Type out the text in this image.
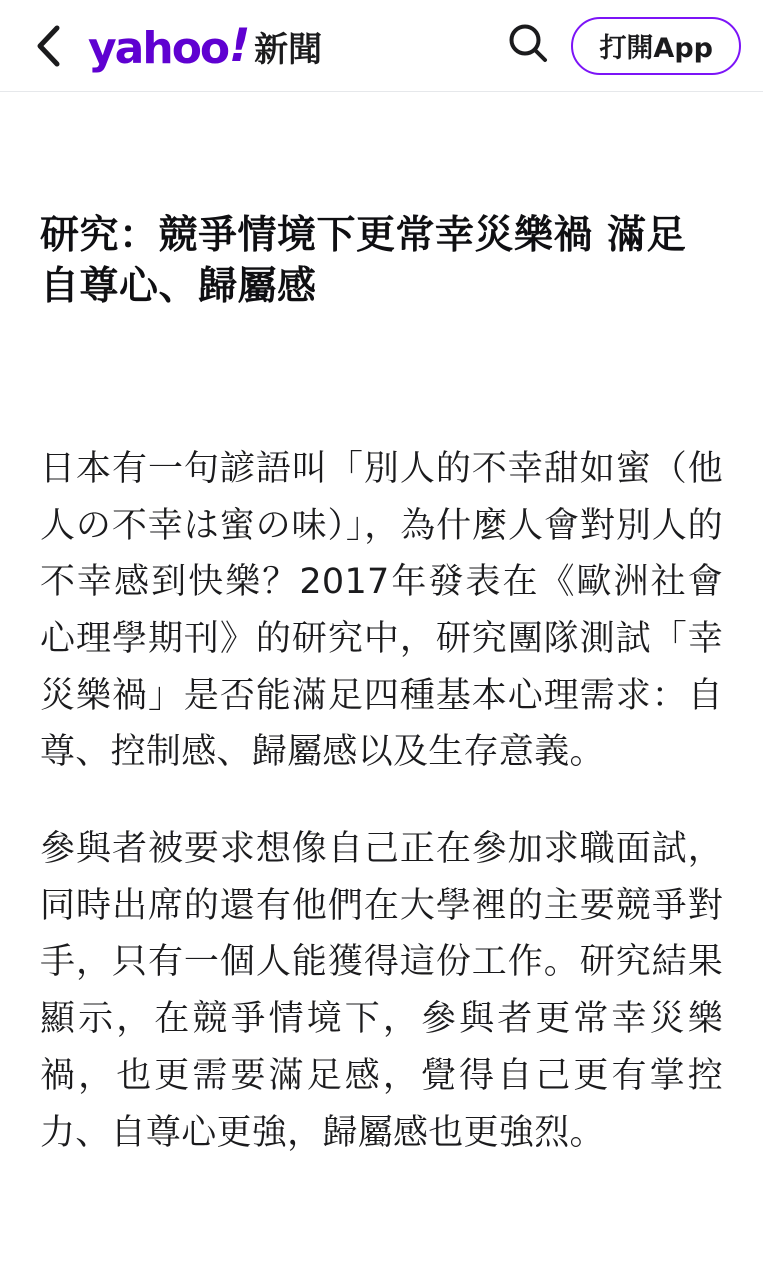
yahoo
!
新聞	打開App
研究：競爭情境下更常幸災樂禍 滿足自尊心、歸屬感

日本有一句諺語叫「別人的不幸甜如蜜（他人の不幸は蜜の味）」，為什麼人會對別人的不幸感到快樂？2017年發表在《歐洲社會心理學期刊》的研究中，研究團隊測試「幸災樂禍」是否能滿足四種基本心理需求：自尊、控制感、歸屬感以及生存意義。

參與者被要求想像自己正在參加求職面試，同時出席的還有他們在大學裡的主要競爭對手，只有一個人能獲得這份工作。研究結果顯示，在競爭情境下，參與者更常幸災樂禍，也更需要滿足感，覺得自己更有掌控力、自尊心更強，歸屬感也更強烈。
